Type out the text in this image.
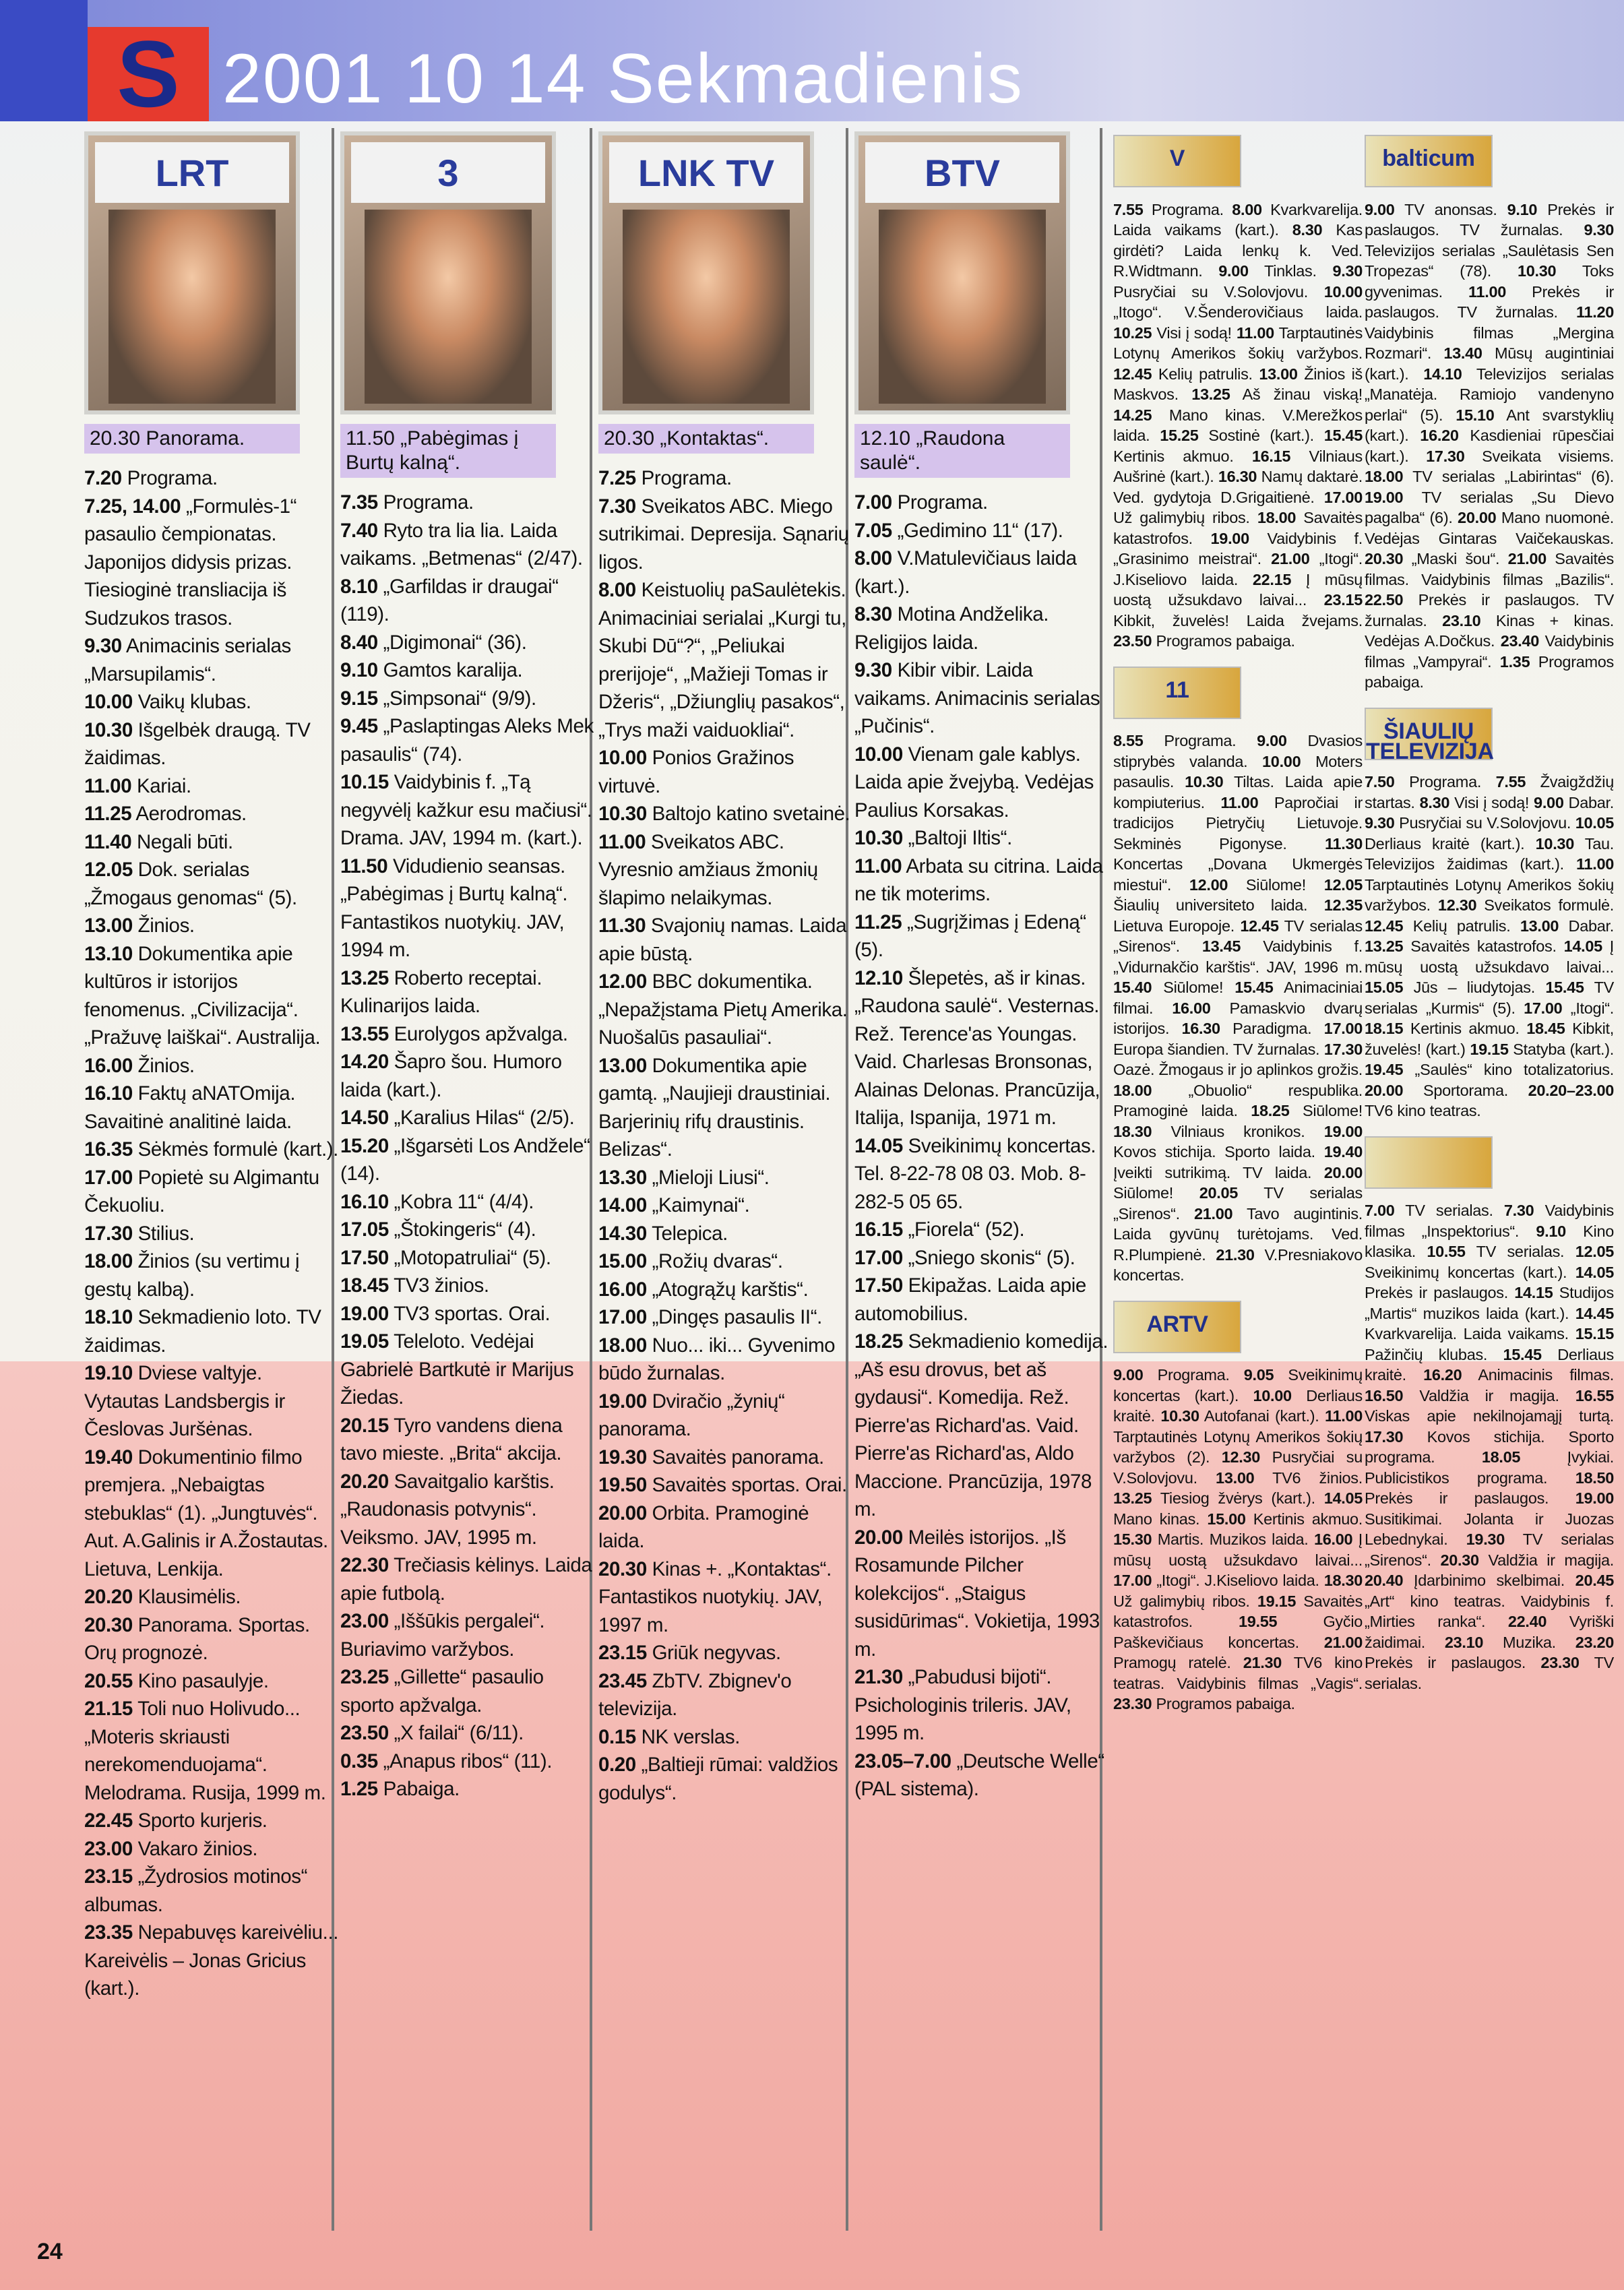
S 2001 10 14 Sekmadienis
LRT
20.30 Panorama.
7.20 Programa.
7.25, 14.00 „Formulės-1“ pasaulio čempionatas. Japonijos didysis prizas. Tiesioginė transliacija iš Sudzukos trasos.
9.30 Animacinis serialas „Marsupilamis“.
10.00 Vaikų klubas.
10.30 Išgelbėk draugą. TV žaidimas.
11.00 Kariai.
11.25 Aerodromas.
11.40 Negali būti.
12.05 Dok. serialas „Žmogaus genomas“ (5).
13.00 Žinios.
13.10 Dokumentika apie kultūros ir istorijos fenomenus. „Civilizacija“. „Pražuvę laiškai“. Australija.
16.00 Žinios.
16.10 Faktų aNATOmija. Savaitinė analitinė laida.
16.35 Sėkmės formulė (kart.).
17.00 Popietė su Algimantu Čekuoliu.
17.30 Stilius.
18.00 Žinios (su vertimu į gestų kalbą).
18.10 Sekmadienio loto. TV žaidimas.
19.10 Dviese valtyje. Vytautas Landsbergis ir Česlovas Juršėnas.
19.40 Dokumentinio filmo premjera. „Nebaigtas stebuklas“ (1). „Jungtuvės“. Aut. A.Galinis ir A.Žostautas. Lietuva, Lenkija.
20.20 Klausimėlis.
20.30 Panorama. Sportas. Orų prognozė.
20.55 Kino pasaulyje.
21.15 Toli nuo Holivudo... „Moteris skriausti nerekomenduojama“. Melodrama. Rusija, 1999 m.
22.45 Sporto kurjeris.
23.00 Vakaro žinios.
23.15 „Žydrosios motinos“ albumas.
23.35 Nepabuvęs kareivėliu... Kareivėlis – Jonas Gricius (kart.).
3
11.50 „Pabėgimas į Burtų kalną“.
7.35 Programa.
7.40 Ryto tra lia lia. Laida vaikams. „Betmenas“ (2/47).
8.10 „Garfildas ir draugai“ (119).
8.40 „Digimonai“ (36).
9.10 Gamtos karalija.
9.15 „Simpsonai“ (9/9).
9.45 „Paslaptingas Aleks Mek pasaulis“ (74).
10.15 Vaidybinis f. „Tą negyvėlį kažkur esu mačiusi“. Drama. JAV, 1994 m. (kart.).
11.50 Vidudienio seansas. „Pabėgimas į Burtų kalną“. Fantastikos nuotykių. JAV, 1994 m.
13.25 Roberto receptai. Kulinarijos laida.
13.55 Eurolygos apžvalga.
14.20 Šapro šou. Humoro laida (kart.).
14.50 „Karalius Hilas“ (2/5).
15.20 „Išgarsėti Los Andžele“ (14).
16.10 „Kobra 11“ (4/4).
17.05 „Štokingeris“ (4).
17.50 „Motopatruliai“ (5).
18.45 TV3 žinios.
19.00 TV3 sportas. Orai.
19.05 Teleloto. Vedėjai Gabrielė Bartkutė ir Marijus Žiedas.
20.15 Tyro vandens diena tavo mieste. „Brita“ akcija.
20.20 Savaitgalio karštis. „Raudonasis potvynis“. Veiksmo. JAV, 1995 m.
22.30 Trečiasis kėlinys. Laida apie futbolą.
23.00 „Iššūkis pergalei“. Buriavimo varžybos.
23.25 „Gillette“ pasaulio sporto apžvalga.
23.50 „X failai“ (6/11).
0.35 „Anapus ribos“ (11).
1.25 Pabaiga.
LNK TV
20.30 „Kontaktas“.
7.25 Programa.
7.30 Sveikatos ABC. Miego sutrikimai. Depresija. Sąnarių ligos.
8.00 Keistuolių paSaulėtekis. Animaciniai serialai „Kurgi tu, Skubi Dū“?“, „Peliukai prerijoje“, „Mažieji Tomas ir Džeris“, „Džiunglių pasakos“, „Trys maži vaiduokliai“.
10.00 Ponios Gražinos virtuvė.
10.30 Baltojo katino svetainė.
11.00 Sveikatos ABC. Vyresnio amžiaus žmonių šlapimo nelaikymas.
11.30 Svajonių namas. Laida apie būstą.
12.00 BBC dokumentika. „Nepažįstama Pietų Amerika. Nuošalūs pasauliai“.
13.00 Dokumentika apie gamtą. „Naujieji draustiniai. Barjerinių rifų draustinis. Belizas“.
13.30 „Mieloji Liusi“.
14.00 „Kaimynai“.
14.30 Telepica.
15.00 „Rožių dvaras“.
16.00 „Atogrąžų karštis“.
17.00 „Dingęs pasaulis II“.
18.00 Nuo... iki... Gyvenimo būdo žurnalas.
19.00 Dviračio „žynių“ panorama.
19.30 Savaitės panorama.
19.50 Savaitės sportas. Orai.
20.00 Orbita. Pramoginė laida.
20.30 Kinas +. „Kontaktas“. Fantastikos nuotykių. JAV, 1997 m.
23.15 Griūk negyvas.
23.45 ZbTV. Zbignev'o televizija.
0.15 NK verslas.
0.20 „Baltieji rūmai: valdžios godulys“.
BTV
12.10 „Raudona saulė“.
7.00 Programa.
7.05 „Gedimino 11“ (17).
8.00 V.Matulevičiaus laida (kart.).
8.30 Motina Andželika. Religijos laida.
9.30 Kibir vibir. Laida vaikams. Animacinis serialas „Pučinis“.
10.00 Vienam gale kablys. Laida apie žvejybą. Vedėjas Paulius Korsakas.
10.30 „Baltoji Iltis“.
11.00 Arbata su citrina. Laida ne tik moterims.
11.25 „Sugrįžimas į Edeną“ (5).
12.10 Šlepetės, aš ir kinas. „Raudona saulė“. Vesternas. Rež. Terence'as Youngas. Vaid. Charlesas Bronsonas, Alainas Delonas. Prancūzija, Italija, Ispanija, 1971 m.
14.05 Sveikinimų koncertas. Tel. 8-22-78 08 03. Mob. 8-282-5 05 65.
16.15 „Fiorela“ (52).
17.00 „Sniego skonis“ (5).
17.50 Ekipažas. Laida apie automobilius.
18.25 Sekmadienio komedija. „Aš esu drovus, bet aš gydausi“. Komedija. Rež. Pierre'as Richard'as. Vaid. Pierre'as Richard'as, Aldo Maccione. Prancūzija, 1978 m.
20.00 Meilės istorijos. „Iš Rosamunde Pilcher kolekcijos“. „Staigus susidūrimas“. Vokietija, 1993 m.
21.30 „Pabudusi bijoti“. Psichologinis trileris. JAV, 1995 m.
23.05–7.00 „Deutsche Welle“ (PAL sistema).
V
7.55 Programa. 8.00 Kvarkvarelija. Laida vaikams (kart.). 8.30 Kas girdėti? Laida lenkų k. Ved. R.Widtmann. 9.00 Tinklas. 9.30 Pusryčiai su V.Solovjovu. 10.00 „Itogo“. V.Šenderovičiaus laida. 10.25 Visi į sodą! 11.00 Tarptautinės Lotynų Amerikos šokių varžybos. 12.45 Kelių patrulis. 13.00 Žinios iš Maskvos. 13.25 Aš žinau viską! 14.25 Mano kinas. V.Merežkos laida. 15.25 Sostinė (kart.). 15.45 Kertinis akmuo. 16.15 Vilniaus Aušrinė (kart.). 16.30 Namų daktarė. Ved. gydytoja D.Grigaitienė. 17.00 Už galimybių ribos. 18.00 Savaitės katastrofos. 19.00 Vaidybinis f. „Grasinimo meistrai“. 21.00 „Itogi“. J.Kiseliovo laida. 22.15 Į mūsų uostą užsukdavo laivai... 23.15 Kibkit, žuvelės! Laida žvejams. 23.50 Programos pabaiga.
11
8.55 Programa. 9.00 Dvasios stiprybės valanda. 10.00 Moters pasaulis. 10.30 Tiltas. Laida apie kompiuterius. 11.00 Papročiai ir tradicijos Pietryčių Lietuvoje. Sekminės Pigonyse. 11.30 Koncertas „Dovana Ukmergės miestui“. 12.00 Siūlome! 12.05 Šiaulių universiteto laida. 12.35 Lietuva Europoje. 12.45 TV serialas „Sirenos“. 13.45 Vaidybinis f. „Vidurnakčio karštis“. JAV, 1996 m. 15.40 Siūlome! 15.45 Animaciniai filmai. 16.00 Pamaskvio dvarų istorijos. 16.30 Paradigma. 17.00 Europa šiandien. TV žurnalas. 17.30 Oazė. Žmogaus ir jo aplinkos grožis. 18.00 „Obuolio“ respublika. Pramoginė laida. 18.25 Siūlome! 18.30 Vilniaus kronikos. 19.00 Kovos stichija. Sporto laida. 19.40 Įveikti sutrikimą. TV laida. 20.00 Siūlome! 20.05 TV serialas „Sirenos“. 21.00 Tavo augintinis. Laida gyvūnų turėtojams. Ved. R.Plumpienė. 21.30 V.Presniakovo koncertas.
ARTV
9.00 Programa. 9.05 Sveikinimų koncertas (kart.). 10.00 Derliaus kraitė. 10.30 Autofanai (kart.). 11.00 Tarptautinės Lotynų Amerikos šokių varžybos (2). 12.30 Pusryčiai su V.Solovjovu. 13.00 TV6 žinios. 13.25 Tiesiog žvėrys (kart.). 14.05 Mano kinas. 15.00 Kertinis akmuo. 15.30 Martis. Muzikos laida. 16.00 Į mūsų uostą užsukdavo laivai... 17.00 „Itogi“. J.Kiseliovo laida. 18.30 Už galimybių ribos. 19.15 Savaitės katastrofos.	19.55	Gyčio Paškevičiaus koncertas. 21.00 Pramogų ratelė. 21.30 TV6 kino teatras. Vaidybinis filmas „Vagis“. 23.30 Programos pabaiga.
balticum
9.00 TV anonsas. 9.10 Prekės ir paslaugos. TV žurnalas. 9.30 Televizijos serialas „Saulėtasis Sen Tropezas“ (78). 10.30 Toks gyvenimas. 11.00 Prekės ir paslaugos. TV žurnalas. 11.20 Vaidybinis filmas „Mergina Rozmari“. 13.40 Mūsų augintiniai (kart.). 14.10 Televizijos serialas „Manatėja. Ramiojo vandenyno perlai“ (5). 15.10 Ant svarstyklių (kart.). 16.20 Kasdieniai rūpesčiai (kart.). 17.30 Sveikata visiems. 18.00 TV serialas „Labirintas“ (6). 19.00 TV serialas „Su Dievo pagalba“ (6). 20.00 Mano nuomonė. Vedėjas Gintaras Vaičekauskas. 20.30 „Maski šou“. 21.00 Savaitės filmas. Vaidybinis filmas „Bazilis“. 22.50 Prekės ir paslaugos. TV žurnalas. 23.10 Kinas + kinas. Vedėjas A.Dočkus. 23.40 Vaidybinis filmas „Vampyrai“. 1.35 Programos pabaiga.
ŠIAULIŲ TELEVIZIJA
7.50 Programa. 7.55 Žvaigždžių startas. 8.30 Visi į sodą! 9.00 Dabar. 9.30 Pusryčiai su V.Solovjovu. 10.05 Derliaus kraitė (kart.). 10.30 Tau. Televizijos žaidimas (kart.). 11.00 Tarptautinės Lotynų Amerikos šokių varžybos. 12.30 Sveikatos formulė. 12.45 Kelių patrulis. 13.00 Dabar. 13.25 Savaitės katastrofos. 14.05 Į mūsų uostą užsukdavo laivai... 15.05 Jūs – liudytojas. 15.45 TV serialas „Kurmis“ (5). 17.00 „Itogi“. 18.15 Kertinis akmuo. 18.45 Kibkit, žuvelės! (kart.) 19.15 Statyba (kart.). 19.45 „Saulės“ kino totalizatorius. 20.00 Sportorama. 20.20–23.00 TV6 kino teatras.
7.00 TV serialas. 7.30 Vaidybinis filmas „Inspektorius“. 9.10 Kino klasika. 10.55 TV serialas. 12.05 Sveikinimų koncertas (kart.). 14.05 Prekės ir paslaugos. 14.15 Studijos „Martis“ muzikos laida (kart.). 14.45 Kvarkvarelija. Laida vaikams. 15.15 Pažinčių klubas. 15.45 Derliaus kraitė. 16.20 Animacinis filmas. 16.50 Valdžia ir magija. 16.55 Viskas apie nekilnojamąjį turtą. 17.30 Kovos stichija. Sporto programa.	18.05	Įvykiai. Publicistikos programa. 18.50 Prekės ir paslaugos. 19.00 Susitikimai. Jolanta ir Juozas Lebednykai. 19.30 TV serialas „Sirenos“. 20.30 Valdžia ir magija. 20.40 Įdarbinimo skelbimai. 20.45 „Art“ kino teatras. Vaidybinis f. „Mirties ranka“. 22.40 Vyriški žaidimai. 23.10 Muzika. 23.20 Prekės ir paslaugos. 23.30 TV serialas.
24
